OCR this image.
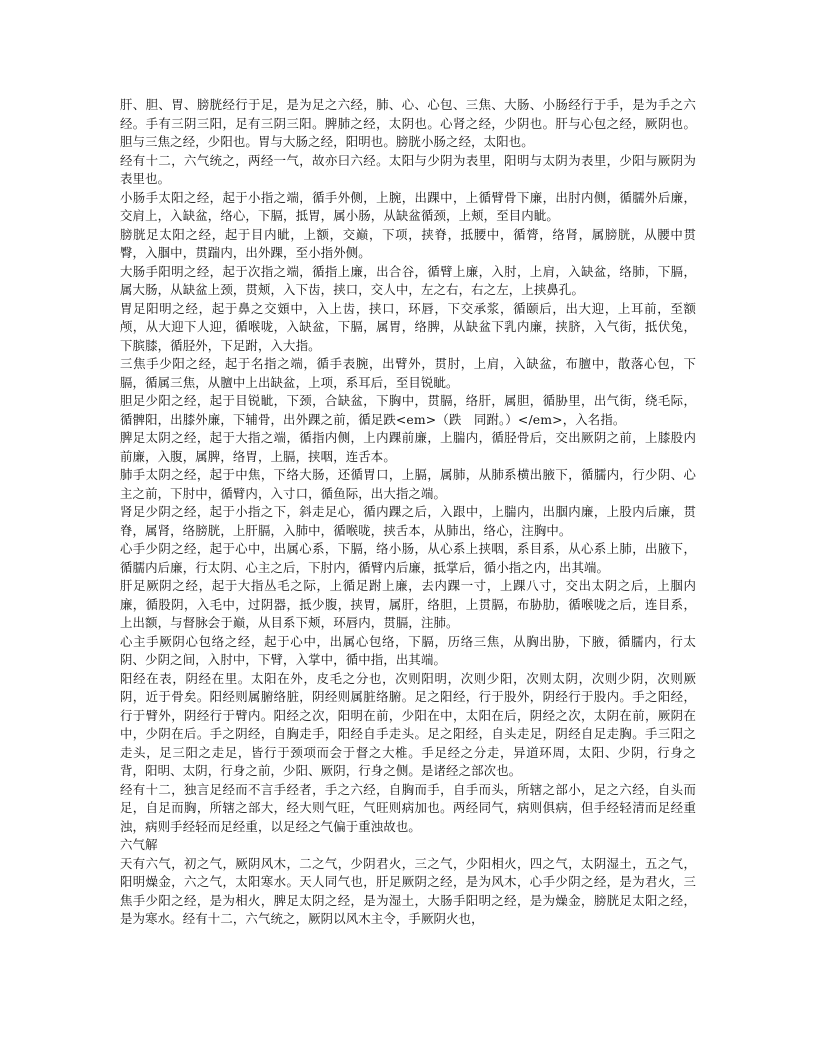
肝、胆、胃、膀胱经行于足，是为足之六经，肺、心、心包、三焦、大肠、小肠经行于手，是为手之六经。手有三阴三阳，足有三阴三阳。脾肺之经，太阴也。心肾之经，少阴也。肝与心包之经，厥阴也。胆与三焦之经，少阳也。胃与大肠之经，阳明也。膀胱小肠之经，太阳也。

经有十二，六气统之，两经一气，故亦曰六经。太阳与少阴为表里，阳明与太阴为表里，少阳与厥阴为表里也。

小肠手太阳之经，起于小指之端，循手外侧，上腕，出踝中，上循臂骨下廉，出肘内侧，循臑外后廉，交肩上，入缺盆，络心，下膈，抵胃，属小肠，从缺盆循颈，上颊，至目内眦。

膀胱足太阳之经，起于目内眦，上额，交巅，下项，挟脊，抵腰中，循膂，络肾，属膀胱，从腰中贯臀，入腘中，贯踹内，出外踝，至小指外侧。

大肠手阳明之经，起于次指之端，循指上廉，出合谷，循臂上廉，入肘，上肩，入缺盆，络肺，下膈，属大肠，从缺盆上颈，贯颊，入下齿，挟口，交人中，左之右，右之左，上挟鼻孔。

胃足阳明之经，起于鼻之交頞中，入上齿，挟口，环唇，下交承浆，循颐后，出大迎，上耳前，至额颅，从大迎下人迎，循喉咙，入缺盆，下膈，属胃，络脾，从缺盆下乳内廉，挟脐，入气街，抵伏兔，下膑膝，循胫外，下足跗，入大指。

三焦手少阳之经，起于名指之端，循手表腕，出臂外，贯肘，上肩，入缺盆，布膻中，散落心包，下膈，循属三焦，从膻中上出缺盆，上项，系耳后，至目锐眦。

胆足少阳之经，起于目锐眦，下颈，合缺盆，下胸中，贯膈，络肝，属胆，循胁里，出气街，绕毛际，循髀阳，出膝外廉，下辅骨，出外踝之前，循足跌<em>（跌　同跗。）</em>，入名指。

脾足太阴之经，起于大指之端，循指内侧，上内踝前廉，上腨内，循胫骨后，交出厥阴之前，上膝股内前廉，入腹，属脾，络胃，上膈，挟咽，连舌本。

肺手太阴之经，起于中焦，下络大肠，还循胃口，上膈，属肺，从肺系横出腋下，循臑内，行少阴、心主之前，下肘中，循臂内，入寸口，循鱼际，出大指之端。

肾足少阴之经，起于小指之下，斜走足心，循内踝之后，入跟中，上腨内，出腘内廉，上股内后廉，贯脊，属肾，络膀胱，上肝膈，入肺中，循喉咙，挟舌本，从肺出，络心，注胸中。

心手少阴之经，起于心中，出属心系，下膈，络小肠，从心系上挟咽，系目系，从心系上肺，出腋下，循臑内后廉，行太阴、心主之后，下肘内，循臂内后廉，抵掌后，循小指之内，出其端。

肝足厥阴之经，起于大指丛毛之际，上循足跗上廉，去内踝一寸，上踝八寸，交出太阴之后，上腘内廉，循股阴，入毛中，过阴器，抵少腹，挟胃，属肝，络胆，上贯膈，布胁肋，循喉咙之后，连目系，上出额，与督脉会于巅，从目系下颊，环唇内，贯膈，注肺。

心主手厥阴心包络之经，起于心中，出属心包络，下膈，历络三焦，从胸出胁，下腋，循臑内，行太阴、少阴之间，入肘中，下臂，入掌中，循中指，出其端。

阳经在表，阴经在里。太阳在外，皮毛之分也，次则阳明，次则少阳，次则太阴，次则少阴，次则厥阴，近于骨矣。阳经则属腑络脏，阴经则属脏络腑。足之阳经，行于股外，阴经行于股内。手之阳经，行于臂外，阴经行于臂内。阳经之次，阳明在前，少阳在中，太阳在后，阴经之次，太阴在前，厥阴在中，少阴在后。手之阴经，自胸走手，阳经自手走头。足之阳经，自头走足，阴经自足走胸。手三阳之走头，足三阳之走足，皆行于颈项而会于督之大椎。手足经之分走，异道环周，太阳、少阴，行身之背，阳明、太阴，行身之前，少阳、厥阴，行身之侧。是诸经之部次也。

经有十二，独言足经而不言手经者，手之六经，自胸而手，自手而头，所辖之部小，足之六经，自头而足，自足而胸，所辖之部大，经大则气旺，气旺则病加也。两经同气，病则俱病，但手经轻清而足经重浊，病则手经轻而足经重，以足经之气偏于重浊故也。

六气解

天有六气，初之气，厥阴风木，二之气，少阴君火，三之气，少阳相火，四之气，太阴湿土，五之气，阳明燥金，六之气，太阳寒水。天人同气也，肝足厥阴之经，是为风木，心手少阴之经，是为君火，三焦手少阳之经，是为相火，脾足太阴之经，是为湿土，大肠手阳明之经，是为燥金，膀胱足太阳之经，是为寒水。经有十二，六气统之，厥阴以风木主令，手厥阴火也，
